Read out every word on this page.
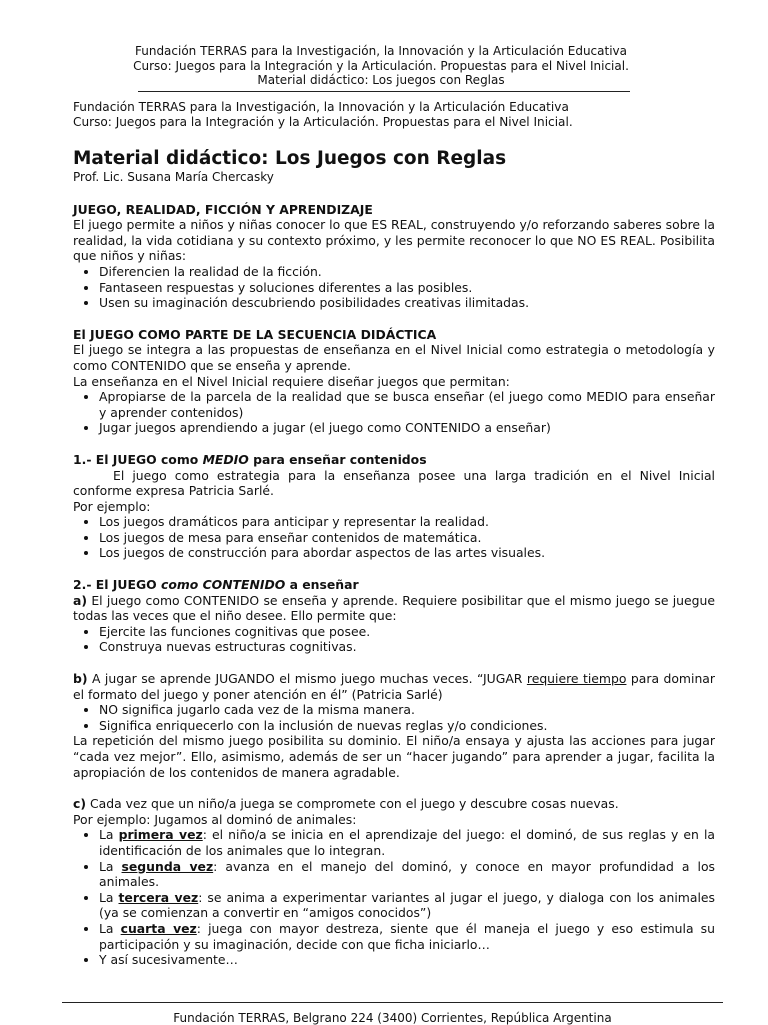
Fundación TERRAS para la Investigación, la Innovación y la Articulación Educativa
Curso: Juegos para la Integración y la Articulación. Propuestas para el Nivel Inicial.
Material didáctico: Los juegos con Reglas
Fundación TERRAS para la Investigación, la Innovación y la Articulación Educativa
Curso: Juegos para la Integración y la Articulación. Propuestas para el Nivel Inicial.
Material didáctico: Los Juegos con Reglas
Prof. Lic. Susana María Chercasky
JUEGO, REALIDAD, FICCIÓN Y APRENDIZAJE

El juego permite a niños y niñas conocer lo que ES REAL, construyendo y/o reforzando saberes sobre la realidad, la vida cotidiana y su contexto próximo, y les permite reconocer lo que NO ES REAL. Posibilita que niños y niñas:

• Diferencien la realidad de la ficción.
• Fantaseen respuestas y soluciones diferentes a las posibles.
• Usen su imaginación descubriendo posibilidades creativas ilimitadas.
El JUEGO COMO PARTE DE LA SECUENCIA DIDÁCTICA

El juego se integra a las propuestas de enseñanza en el Nivel Inicial como estrategia o metodología y como CONTENIDO que se enseña y aprende.

La enseñanza en el Nivel Inicial requiere diseñar juegos que permitan:

• Apropiarse de la parcela de la realidad que se busca enseñar (el juego como MEDIO para enseñar y aprender contenidos)
• Jugar juegos aprendiendo a jugar (el juego como CONTENIDO a enseñar)
1.- El JUEGO como MEDIO para enseñar contenidos

El juego como estrategia para la enseñanza posee una larga tradición en el Nivel Inicial conforme expresa Patricia Sarlé.

Por ejemplo:

• Los juegos dramáticos para anticipar y representar la realidad.
• Los juegos de mesa para enseñar contenidos de matemática.
• Los juegos de construcción para abordar aspectos de las artes visuales.
2.- El JUEGO como CONTENIDO a enseñar

a) El juego como CONTENIDO se enseña y aprende. Requiere posibilitar que el mismo juego se juegue todas las veces que el niño desee. Ello permite que:

• Ejercite las funciones cognitivas que posee.
• Construya nuevas estructuras cognitivas.

b) A jugar se aprende JUGANDO el mismo juego muchas veces. “JUGAR requiere tiempo para dominar el formato del juego y poner atención en él” (Patricia Sarlé)

• NO significa jugarlo cada vez de la misma manera.
• Significa enriquecerlo con la inclusión de nuevas reglas y/o condiciones.

La repetición del mismo juego posibilita su dominio. El niño/a ensaya y ajusta las acciones para jugar “cada vez mejor”. Ello, asimismo, además de ser un “hacer jugando” para aprender a jugar, facilita la apropiación de los contenidos de manera agradable.

c) Cada vez que un niño/a juega se compromete con el juego y descubre cosas nuevas.

Por ejemplo: Jugamos al dominó de animales:

• La primera vez: el niño/a se inicia en el aprendizaje del juego: el dominó, de sus reglas y en la identificación de los animales que lo integran.
• La segunda vez: avanza en el manejo del dominó, y conoce en mayor profundidad a los animales.
• La tercera vez: se anima a experimentar variantes al jugar el juego, y dialoga con los animales (ya se comienzan a convertir en “amigos conocidos”)
• La cuarta vez: juega con mayor destreza, siente que él maneja el juego y eso estimula su participación y su imaginación, decide con que ficha iniciarlo…
• Y así sucesivamente…
Fundación TERRAS, Belgrano 224 (3400) Corrientes, República Argentina
